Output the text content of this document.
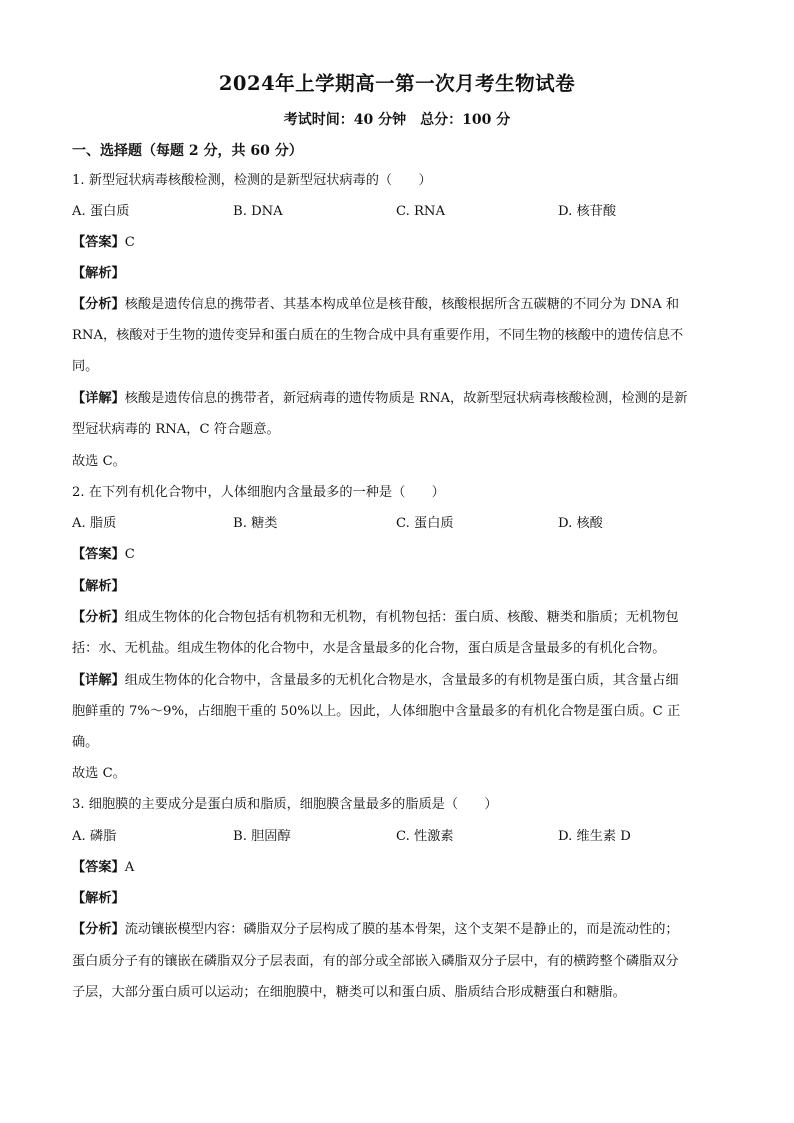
2024年上学期高一第一次月考生物试卷
考试时间：40 分钟　总分：100 分
一、选择题（每题 2 分，共 60 分）
1. 新型冠状病毒核酸检测，检测的是新型冠状病毒的（　　）
A. 蛋白质	B. DNA	C. RNA	D. 核苷酸
【答案】C
【解析】
【分析】核酸是遗传信息的携带者、其基本构成单位是核苷酸，核酸根据所含五碳糖的不同分为 DNA 和
RNA，核酸对于生物的遗传变异和蛋白质在的生物合成中具有重要作用，不同生物的核酸中的遗传信息不
同。
【详解】核酸是遗传信息的携带者，新冠病毒的遗传物质是 RNA，故新型冠状病毒核酸检测，检测的是新
型冠状病毒的 RNA，C 符合题意。
故选 C。
2. 在下列有机化合物中，人体细胞内含量最多的一种是（　　）
A. 脂质	B. 糖类	C. 蛋白质	D. 核酸
【答案】C
【解析】
【分析】组成生物体的化合物包括有机物和无机物，有机物包括：蛋白质、核酸、糖类和脂质；无机物包
括：水、无机盐。组成生物体的化合物中，水是含量最多的化合物，蛋白质是含量最多的有机化合物。
【详解】组成生物体的化合物中，含量最多的无机化合物是水，含量最多的有机物是蛋白质，其含量占细
胞鲜重的 7%～9%，占细胞干重的 50%以上。因此，人体细胞中含量最多的有机化合物是蛋白质。C 正
确。
故选 C。
3. 细胞膜的主要成分是蛋白质和脂质，细胞膜含量最多的脂质是（　　）
A. 磷脂	B. 胆固醇	C. 性激素	D. 维生素 D
【答案】A
【解析】
【分析】流动镶嵌模型内容：磷脂双分子层构成了膜的基本骨架，这个支架不是静止的，而是流动性的；
蛋白质分子有的镶嵌在磷脂双分子层表面，有的部分或全部嵌入磷脂双分子层中，有的横跨整个磷脂双分
子层，大部分蛋白质可以运动；在细胞膜中，糖类可以和蛋白质、脂质结合形成糖蛋白和糖脂。
